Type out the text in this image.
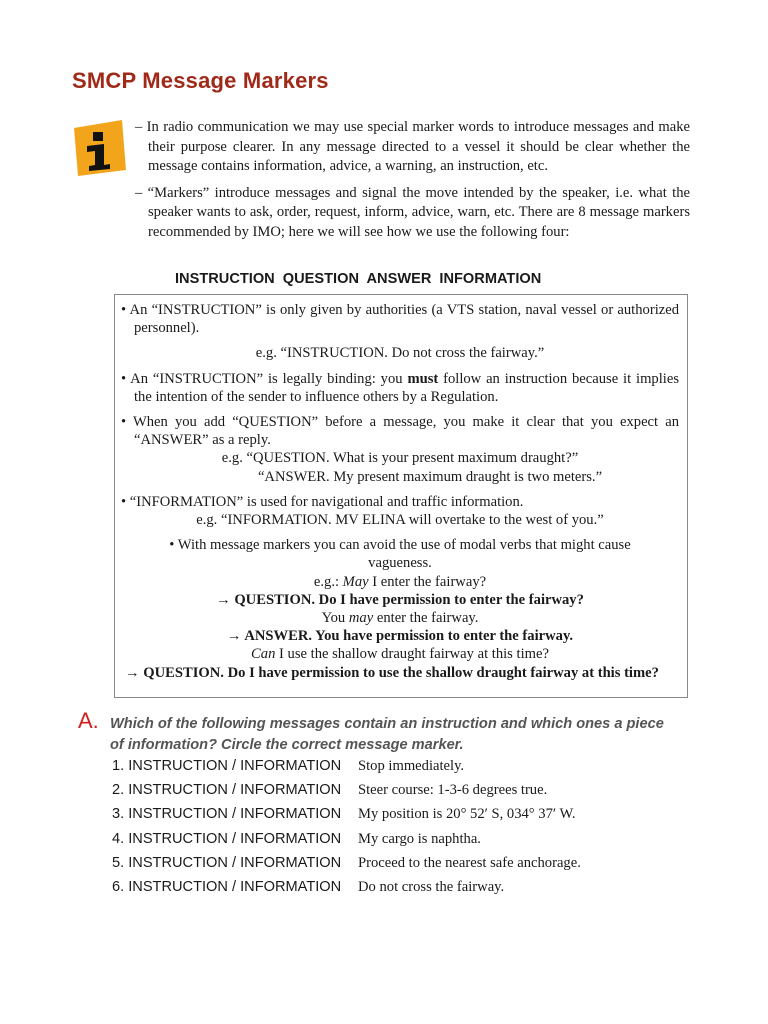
SMCP Message Markers

– In radio communication we may use special marker words to introduce messages and make their purpose clearer. In any message directed to a vessel it should be clear whether the message contains information, advice, a warning, an instruction, etc.

– “Markers” introduce messages and signal the move intended by the speaker, i.e. what the speaker wants to ask, order, request, inform, advice, warn, etc. There are 8 message markers recommended by IMO; here we will see how we use the following four:

INSTRUCTION QUESTION ANSWER INFORMATION

• An “INSTRUCTION” is only given by authorities (a VTS station, naval vessel or authorized personnel).

e.g. “INSTRUCTION. Do not cross the fairway.”

• An “INSTRUCTION” is legally binding: you must follow an instruction because it implies the intention of the sender to influence others by a Regulation.

• When you add “QUESTION” before a message, you make it clear that you expect an “ANSWER” as a reply.

e.g. “QUESTION. What is your present maximum draught?”

“ANSWER. My present maximum draught is two meters.”

• “INFORMATION” is used for navigational and traffic information.

e.g. “INFORMATION. MV ELINA will overtake to the west of you.”

• With message markers you can avoid the use of modal verbs that might cause vagueness.

e.g.: May I enter the fairway?

→ QUESTION. Do I have permission to enter the fairway?

You may enter the fairway.

→ ANSWER. You have permission to enter the fairway.

Can I use the shallow draught fairway at this time?

→ QUESTION. Do I have permission to use the shallow draught fairway at this time?

A. Which of the following messages contain an instruction and which ones a piece
of information? Circle the correct message marker.
1. INSTRUCTION / INFORMATION	Stop immediately.
2. INSTRUCTION / INFORMATION	Steer course: 1-3-6 degrees true.
3. INSTRUCTION / INFORMATION	My position is 20° 52′ S, 034° 37′ W.
4. INSTRUCTION / INFORMATION	My cargo is naphtha.
5. INSTRUCTION / INFORMATION	Proceed to the nearest safe anchorage.
6. INSTRUCTION / INFORMATION	Do not cross the fairway.
